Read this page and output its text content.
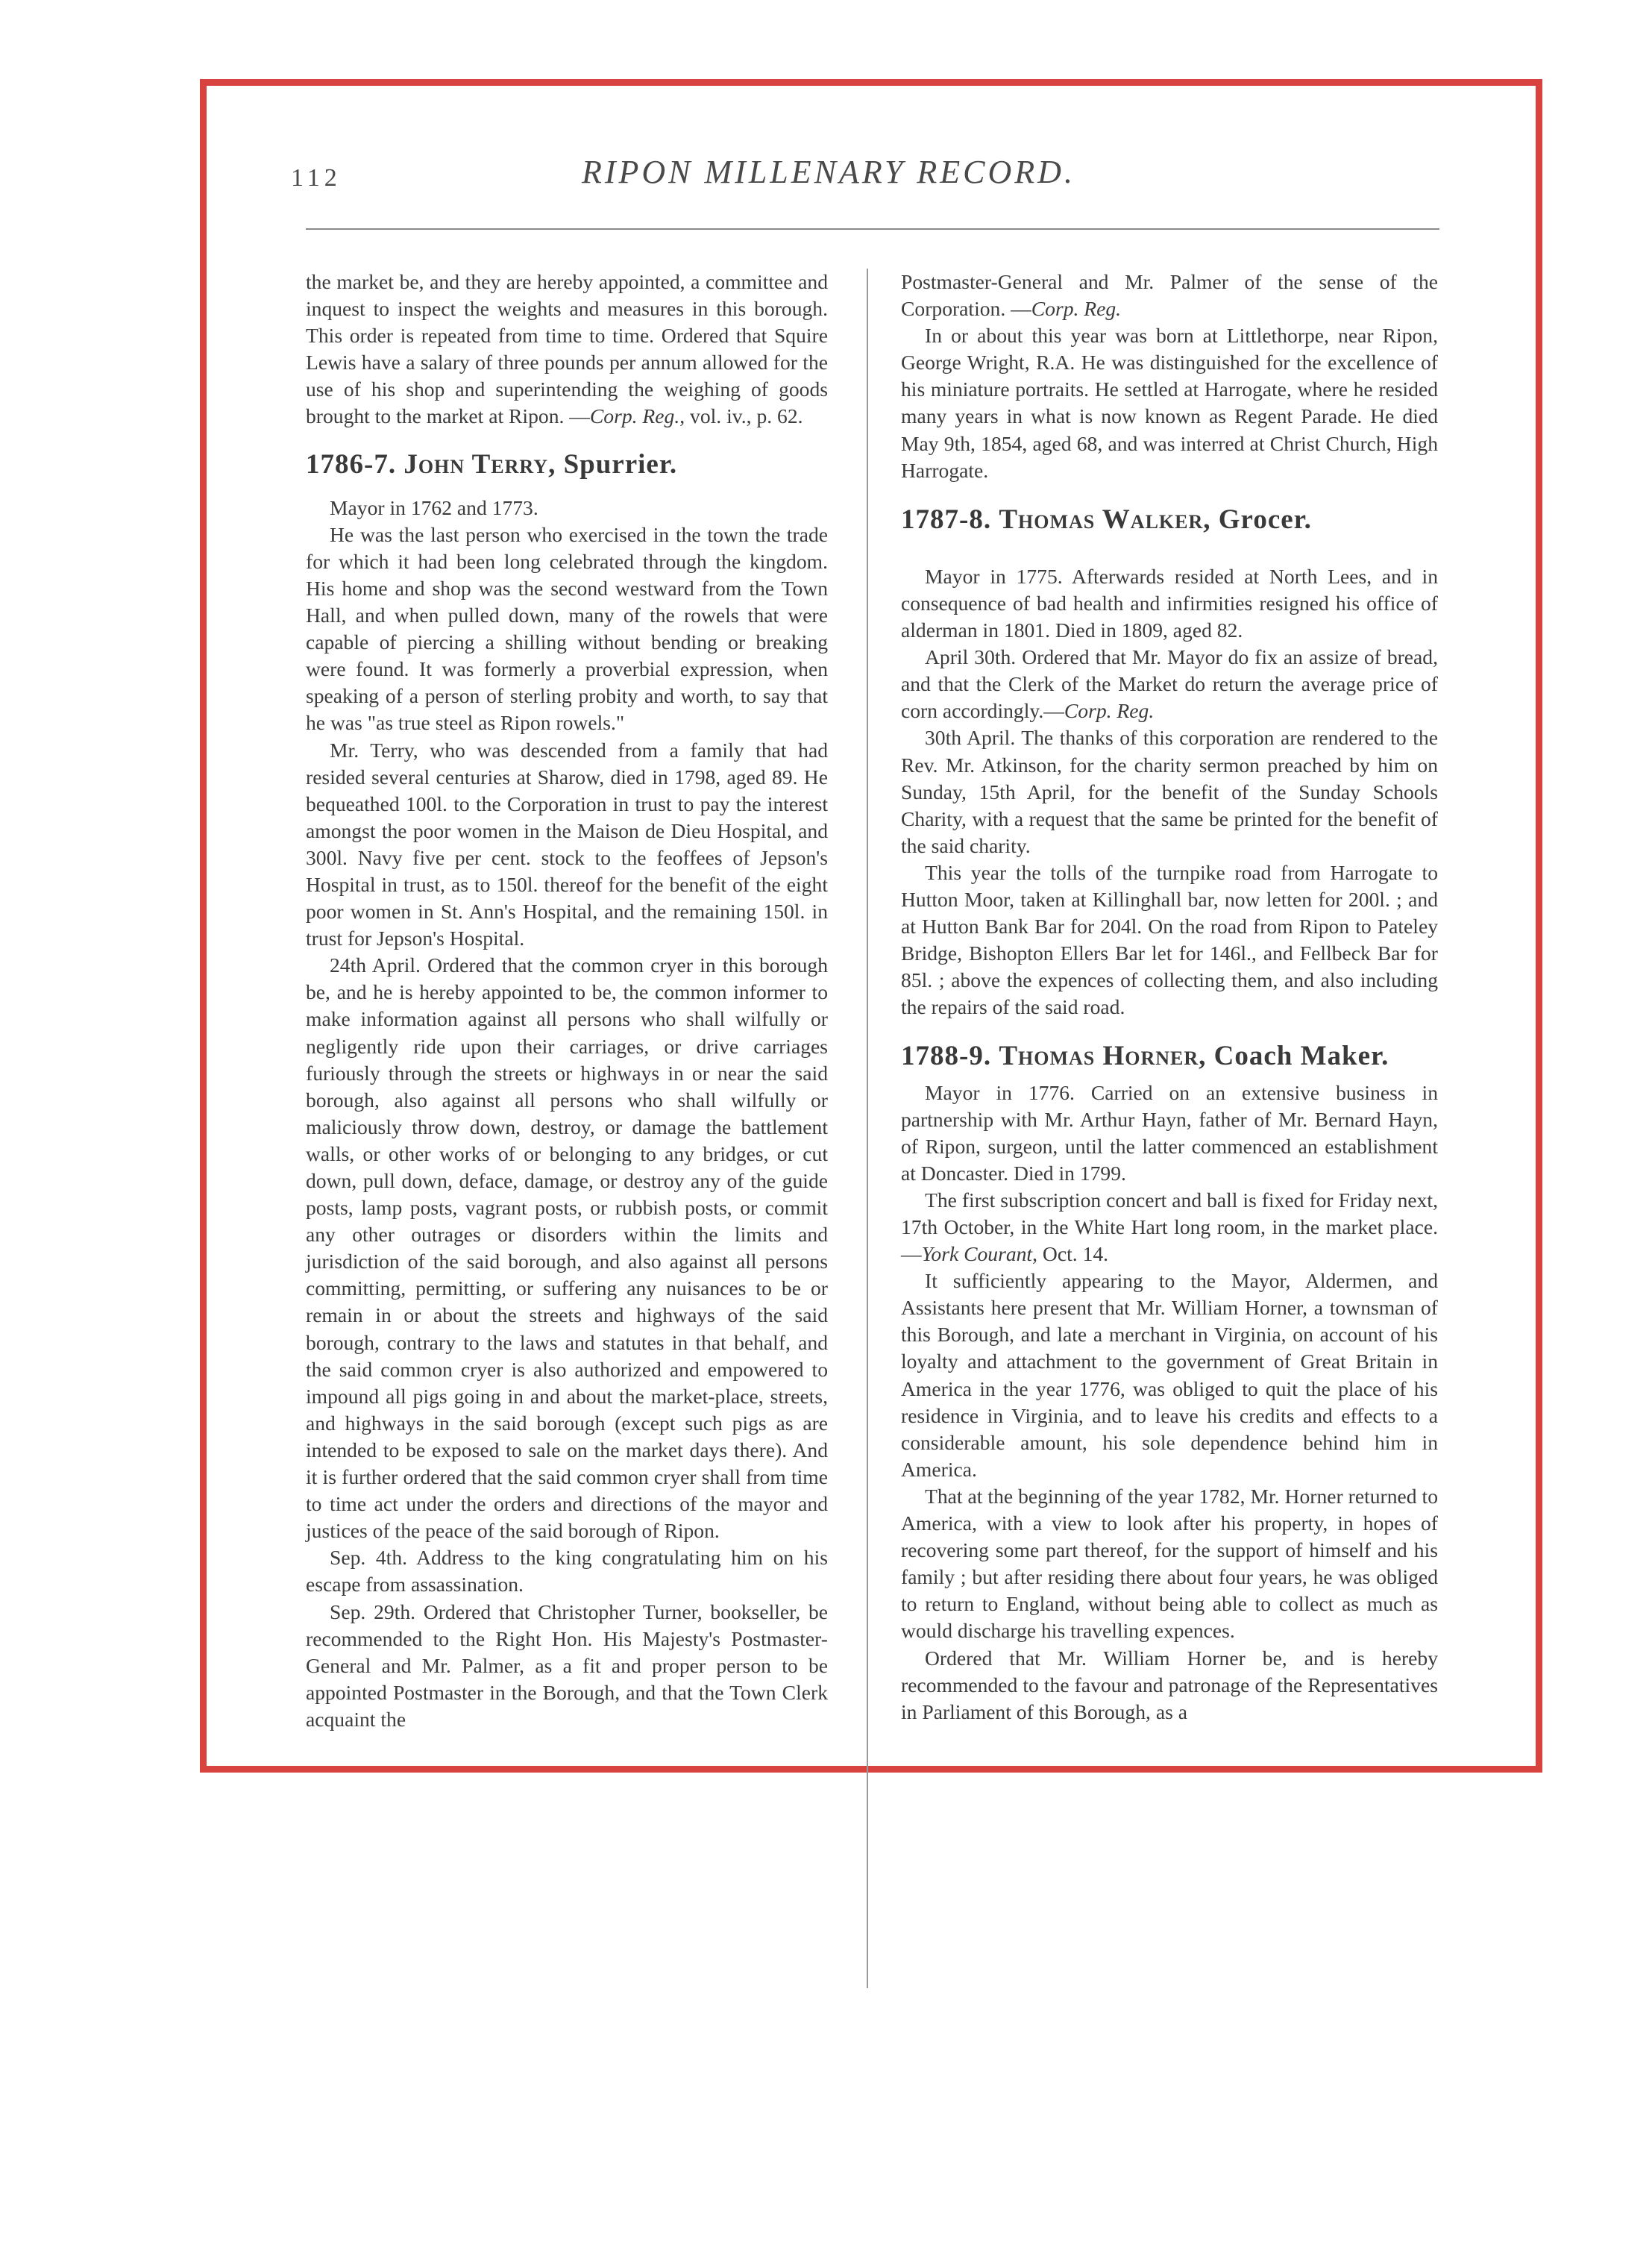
112	RIPON MILLENARY RECORD.

the market be, and they are hereby appointed, a committee and inquest to inspect the weights and measures in this borough. This order is repeated from time to time. Ordered that Squire Lewis have a salary of three pounds per annum allowed for the use of his shop and superintending the weighing of goods brought to the market at Ripon. —Corp. Reg., vol. iv., p. 62.

1786-7. John Terry, Spurrier.

Mayor in 1762 and 1773.

He was the last person who exercised in the town the trade for which it had been long celebrated through the kingdom. His home and shop was the second westward from the Town Hall, and when pulled down, many of the rowels that were capable of piercing a shilling without bending or breaking were found. It was formerly a proverbial expression, when speaking of a person of sterling probity and worth, to say that he was "as true steel as Ripon rowels."

Mr. Terry, who was descended from a family that had resided several centuries at Sharow, died in 1798, aged 89. He bequeathed 100l. to the Corporation in trust to pay the interest amongst the poor women in the Maison de Dieu Hospital, and 300l. Navy five per cent. stock to the feoffees of Jepson's Hospital in trust, as to 150l. thereof for the benefit of the eight poor women in St. Ann's Hospital, and the remaining 150l. in trust for Jepson's Hospital.

24th April. Ordered that the common cryer in this borough be, and he is hereby appointed to be, the common informer to make information against all persons who shall wilfully or negligently ride upon their carriages, or drive carriages furiously through the streets or highways in or near the said borough, also against all persons who shall wilfully or maliciously throw down, destroy, or damage the battlement walls, or other works of or belonging to any bridges, or cut down, pull down, deface, damage, or destroy any of the guide posts, lamp posts, vagrant posts, or rubbish posts, or commit any other outrages or disorders within the limits and jurisdiction of the said borough, and also against all persons committing, permitting, or suffering any nuisances to be or remain in or about the streets and highways of the said borough, contrary to the laws and statutes in that behalf, and the said common cryer is also authorized and empowered to impound all pigs going in and about the market-place, streets, and highways in the said borough (except such pigs as are intended to be exposed to sale on the market days there). And it is further ordered that the said common cryer shall from time to time act under the orders and directions of the mayor and justices of the peace of the said borough of Ripon.

Sep. 4th. Address to the king congratulating him on his escape from assassination.

Sep. 29th. Ordered that Christopher Turner, bookseller, be recommended to the Right Hon. His Majesty's Postmaster-General and Mr. Palmer, as a fit and proper person to be appointed Postmaster in the Borough, and that the Town Clerk acquaint the

Postmaster-General and Mr. Palmer of the sense of the Corporation. —Corp. Reg.

In or about this year was born at Littlethorpe, near Ripon, George Wright, R.A. He was distinguished for the excellence of his miniature portraits. He settled at Harrogate, where he resided many years in what is now known as Regent Parade. He died May 9th, 1854, aged 68, and was interred at Christ Church, High Harrogate.

1787-8. Thomas Walker, Grocer.

Mayor in 1775. Afterwards resided at North Lees, and in consequence of bad health and infirmities resigned his office of alderman in 1801. Died in 1809, aged 82.

April 30th. Ordered that Mr. Mayor do fix an assize of bread, and that the Clerk of the Market do return the average price of corn accordingly.—Corp. Reg.

30th April. The thanks of this corporation are rendered to the Rev. Mr. Atkinson, for the charity sermon preached by him on Sunday, 15th April, for the benefit of the Sunday Schools Charity, with a request that the same be printed for the benefit of the said charity.

This year the tolls of the turnpike road from Harrogate to Hutton Moor, taken at Killinghall bar, now letten for 200l. ; and at Hutton Bank Bar for 204l. On the road from Ripon to Pateley Bridge, Bishopton Ellers Bar let for 146l., and Fellbeck Bar for 85l. ; above the expences of collecting them, and also including the repairs of the said road.

1788-9. Thomas Horner, Coach Maker.

Mayor in 1776. Carried on an extensive business in partnership with Mr. Arthur Hayn, father of Mr. Bernard Hayn, of Ripon, surgeon, until the latter commenced an establishment at Doncaster. Died in 1799.

The first subscription concert and ball is fixed for Friday next, 17th October, in the White Hart long room, in the market place.—York Courant, Oct. 14.

It sufficiently appearing to the Mayor, Aldermen, and Assistants here present that Mr. William Horner, a townsman of this Borough, and late a merchant in Virginia, on account of his loyalty and attachment to the government of Great Britain in America in the year 1776, was obliged to quit the place of his residence in Virginia, and to leave his credits and effects to a considerable amount, his sole dependence behind him in America.

That at the beginning of the year 1782, Mr. Horner returned to America, with a view to look after his property, in hopes of recovering some part thereof, for the support of himself and his family ; but after residing there about four years, he was obliged to return to England, without being able to collect as much as would discharge his travelling expences.

Ordered that Mr. William Horner be, and is hereby recommended to the favour and patronage of the Representatives in Parliament of this Borough, as a
